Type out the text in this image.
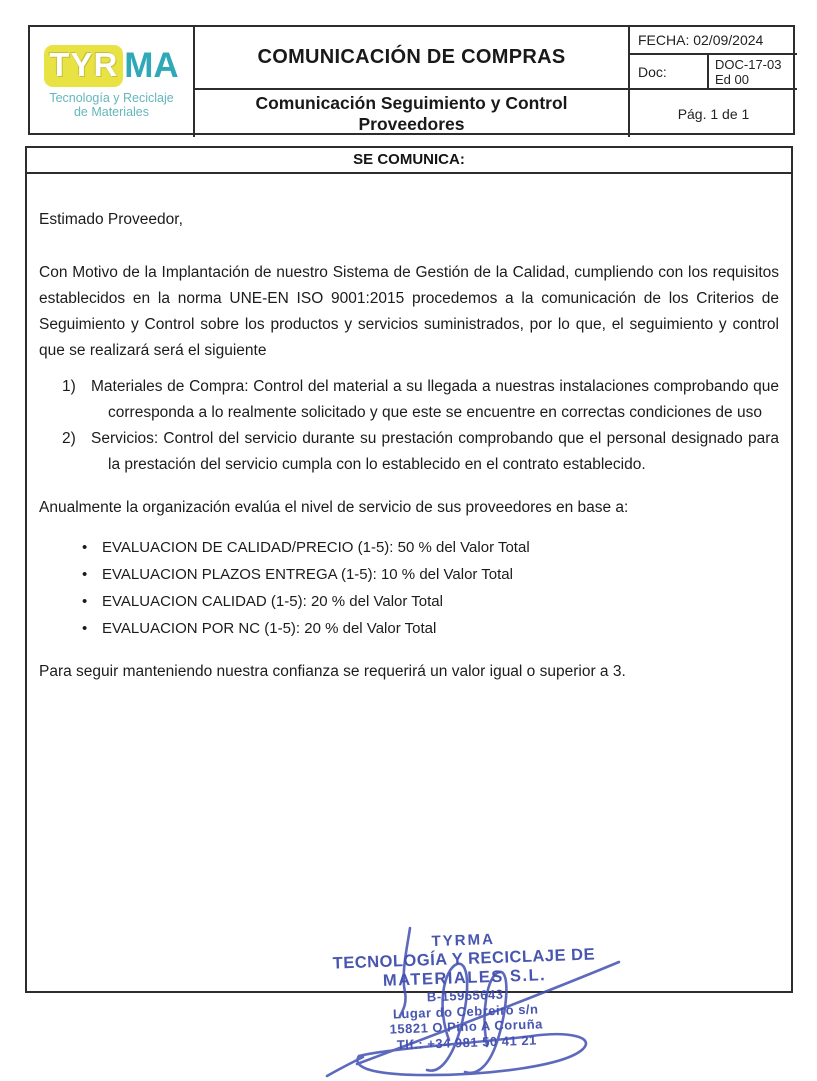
TYR MA
Tecnología y Reciclaje
de Materiales
COMUNICACIÓN DE COMPRAS
Comunicación Seguimiento y Control Proveedores
FECHA: 02/09/2024
Doc:	DOC-17-03
Ed 00
Pág. 1 de 1
SE COMUNICA:

Estimado Proveedor,

Con Motivo de la Implantación de nuestro Sistema de Gestión de la Calidad, cumpliendo con los requisitos establecidos en la norma UNE-EN ISO 9001:2015 procedemos a la comunicación de los Criterios de Seguimiento y Control sobre los productos y servicios suministrados, por lo que, el seguimiento y control que se realizará será el siguiente

1) Materiales de Compra: Control del material a su llegada a nuestras instalaciones comprobando que corresponda a lo realmente solicitado y que este se encuentre en correctas condiciones de uso
2) Servicios: Control del servicio durante su prestación comprobando que el personal designado para la prestación del servicio cumpla con lo establecido en el contrato establecido.

Anualmente la organización evalúa el nivel de servicio de sus proveedores en base a:

• EVALUACION DE CALIDAD/PRECIO (1-5): 50 % del Valor Total
• EVALUACION PLAZOS ENTREGA (1-5): 10 % del Valor Total
• EVALUACION CALIDAD (1-5): 20 % del Valor Total
• EVALUACION POR NC (1-5): 20 % del Valor Total

Para seguir manteniendo nuestra confianza se requerirá un valor igual o superior a 3.

TYRMA
TECNOLOGÍA Y RECICLAJE DE
MATERIALES S.L.
B-15965643
Lugar do Cebreiro s/n
15821 O Pino A Coruña
Tlf.: +34 981 50 41 21
